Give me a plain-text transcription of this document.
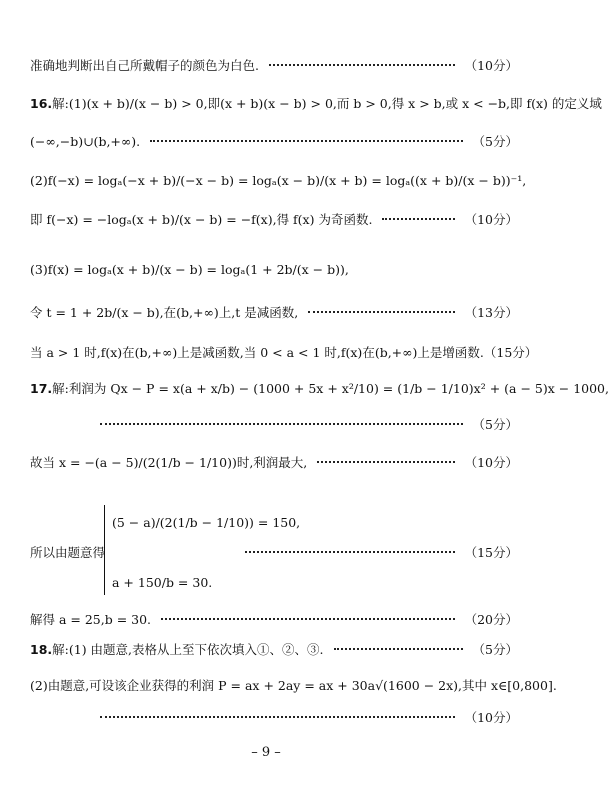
准确地判断出自己所戴帽子的颜色为白色.	（10分）
16.解:(1)(x + b)/(x − b) > 0,即(x + b)(x − b) > 0,而 b > 0,得 x > b,或 x < −b,即 f(x) 的定义域
(−∞,−b)∪(b,+∞).	（5分）
(2)f(−x) = logₐ(−x + b)/(−x − b) = logₐ(x − b)/(x + b) = logₐ((x + b)/(x − b))⁻¹,
即 f(−x) = −logₐ(x + b)/(x − b) = −f(x),得 f(x) 为奇函数.	（10分）
(3)f(x) = logₐ(x + b)/(x − b) = logₐ(1 + 2b/(x − b)),
令 t = 1 + 2b/(x − b),在(b,+∞)上,t 是减函数,	（13分）
当 a > 1 时,f(x)在(b,+∞)上是减函数,当 0 < a < 1 时,f(x)在(b,+∞)上是增函数. （15分）
17.解:利润为 Qx − P = x(a + x/b) − (1000 + 5x + x²/10) = (1/b − 1/10)x² + (a − 5)x − 1000,
（5分）
故当 x = −(a − 5)/(2(1/b − 1/10))时,利润最大,	（10分）
(5 − a)/(2(1/b − 1/10)) = 150,
所以由题意得	（15分）
a + 150/b = 30.
解得 a = 25,b = 30.	（20分）
18. 解:(1) 由题意,表格从上至下依次填入①、②、③.	（5分）
(2)由题意,可设该企业获得的利润 P = ax + 2ay = ax + 30a√(1600 − 2x),其中 x∈[0,800].
（10分）
– 9 –
